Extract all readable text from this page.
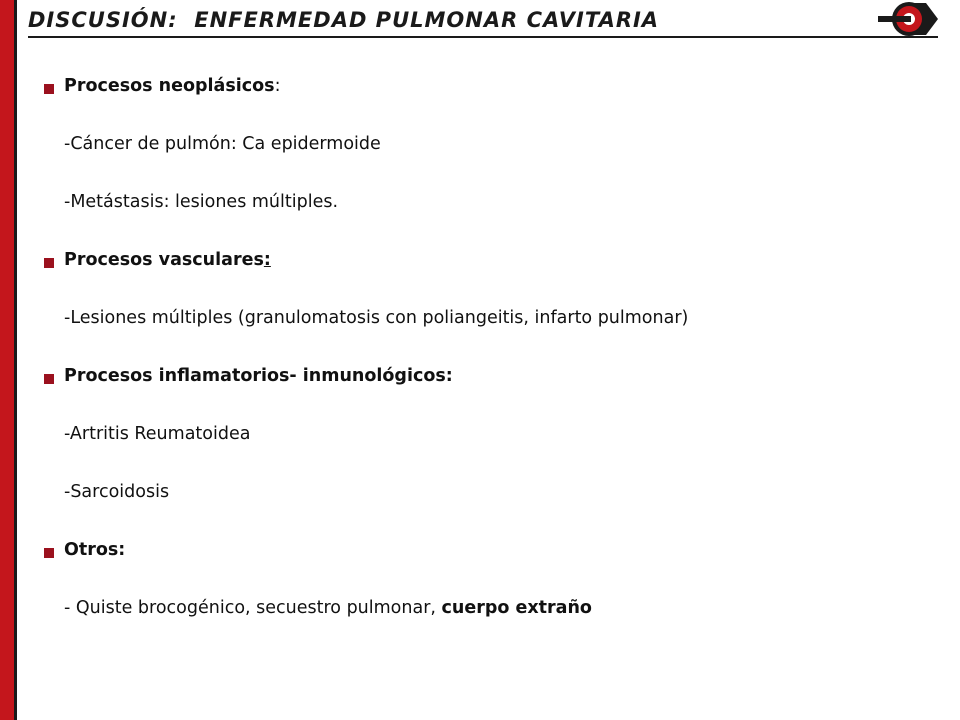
DISCUSIÓN: ENFERMEDAD PULMONAR CAVITARIA
Procesos neoplásicos:
-Cáncer de pulmón: Ca epidermoide
-Metástasis: lesiones múltiples.
Procesos vasculares:
-Lesiones múltiples (granulomatosis con poliangeitis, infarto pulmonar)
Procesos inflamatorios- inmunológicos:
-Artritis Reumatoidea
-Sarcoidosis
Otros:
- Quiste brocogénico, secuestro pulmonar, cuerpo extraño
